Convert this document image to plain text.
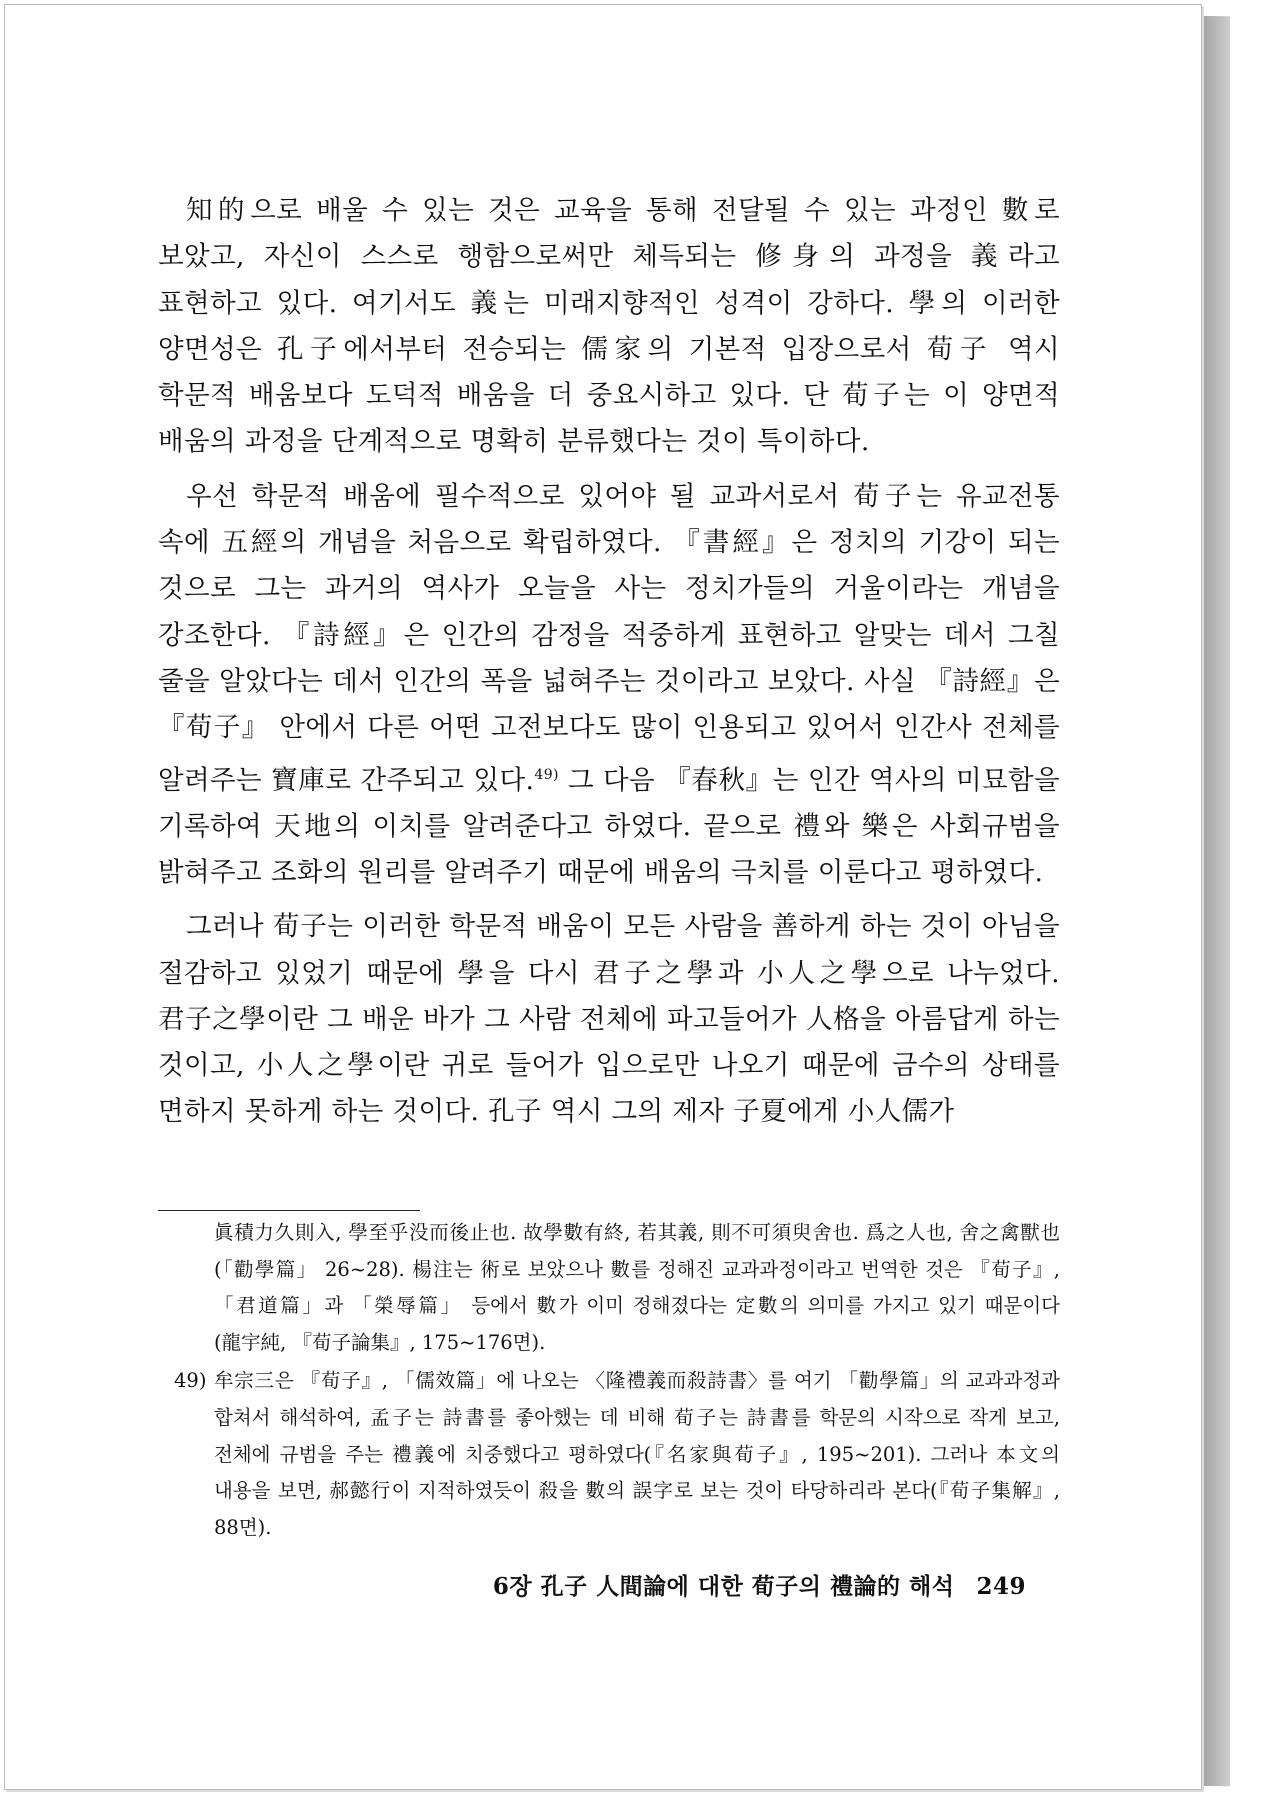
知的으로 배울 수 있는 것은 교육을 통해 전달될 수 있는 과정인 數로 보았고, 자신이 스스로 행함으로써만 체득되는 修身의 과정을 義라고 표현하고 있다. 여기서도 義는 미래지향적인 성격이 강하다. 學의 이러한 양면성은 孔子에서부터 전승되는 儒家의 기본적 입장으로서 荀子 역시 학문적 배움보다 도덕적 배움을 더 중요시하고 있다. 단 荀子는 이 양면적 배움의 과정을 단계적으로 명확히 분류했다는 것이 특이하다.

우선 학문적 배움에 필수적으로 있어야 될 교과서로서 荀子는 유교전통 속에 五經의 개념을 처음으로 확립하였다. 『書經』은 정치의 기강이 되는 것으로 그는 과거의 역사가 오늘을 사는 정치가들의 거울이라는 개념을 강조한다. 『詩經』은 인간의 감정을 적중하게 표현하고 알맞는 데서 그칠 줄을 알았다는 데서 인간의 폭을 넓혀주는 것이라고 보았다. 사실 『詩經』은 『荀子』 안에서 다른 어떤 고전보다도 많이 인용되고 있어서 인간사 전체를 알려주는 寶庫로 간주되고 있다.$^{49)}$ 그 다음 『春秋』는 인간 역사의 미묘함을 기록하여 天地의 이치를 알려준다고 하였다. 끝으로 禮와 樂은 사회규범을 밝혀주고 조화의 원리를 알려주기 때문에 배움의 극치를 이룬다고 평하였다.

그러나 荀子는 이러한 학문적 배움이 모든 사람을 善하게 하는 것이 아님을 절감하고 있었기 때문에 學을 다시 君子之學과 小人之學으로 나누었다. 君子之學이란 그 배운 바가 그 사람 전체에 파고들어가 人格을 아름답게 하는 것이고, 小人之學이란 귀로 들어가 입으로만 나오기 때문에 금수의 상태를 면하지 못하게 하는 것이다. 孔子 역시 그의 제자 子夏에게 小人儒가

眞積力久則入, 學至乎没而後止也. 故學數有終, 若其義, 則不可須臾舍也. 爲之人也, 舍之禽獸也(「勸學篇」 26~28). 楊注는 術로 보았으나 數를 정해진 교과과정이라고 번역한 것은 『荀子』, 「君道篇」과 「榮辱篇」 등에서 數가 이미 정해졌다는 定數의 의미를 가지고 있기 때문이다(龍宇純, 『荀子論集』, 175~176면).
49) 牟宗三은 『荀子』, 「儒效篇」에 나오는 〈隆禮義而殺詩書〉를 여기 「勸學篇」의 교과과정과 합쳐서 해석하여, 孟子는 詩書를 좋아했는 데 비해 荀子는 詩書를 학문의 시작으로 작게 보고, 전체에 규범을 주는 禮義에 치중했다고 평하였다(『名家與荀子』, 195~201). 그러나 本文의 내용을 보면, 郝懿行이 지적하였듯이 殺을 數의 誤字로 보는 것이 타당하리라 본다(『荀子集解』, 88면).
6장 孔子 人間論에 대한 荀子의 禮論的 해석 249
